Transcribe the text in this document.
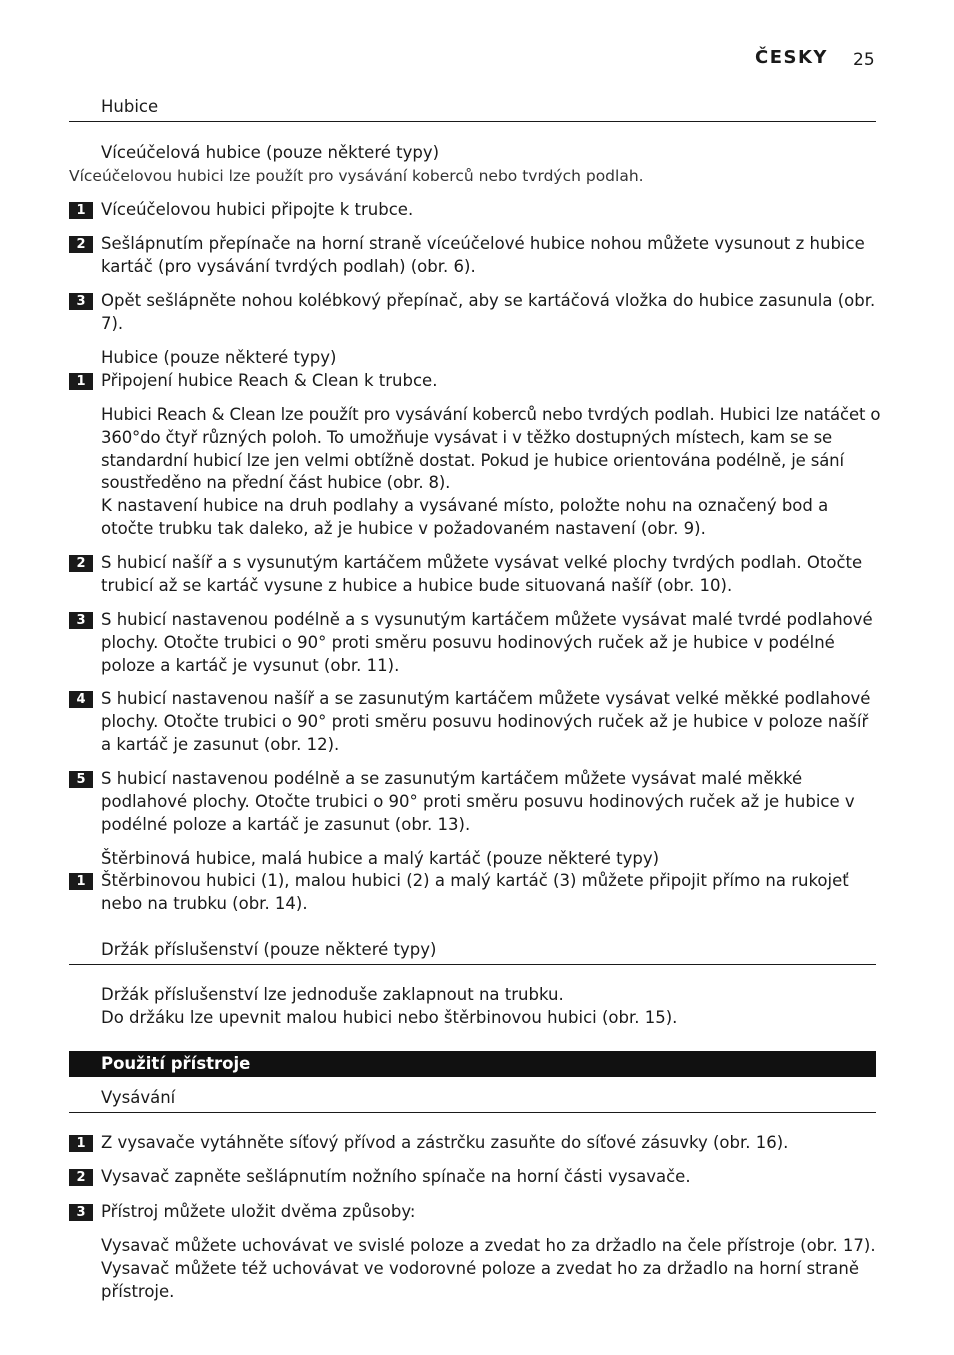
ČESKY 25
Hubice
Víceúčelová hubice (pouze některé typy)
Víceúčelovou hubici lze použít pro vysávání koberců nebo tvrdých podlah.
1 Víceúčelovou hubici připojte k trubce.
2 Sešlápnutím přepínače na horní straně víceúčelové hubice nohou můžete vysunout z hubice kartáč (pro vysávání tvrdých podlah) (obr. 6).
3 Opět sešlápněte nohou kolébkový přepínač, aby se kartáčová vložka do hubice zasunula (obr. 7).
Hubice (pouze některé typy)
1 Připojení hubice Reach & Clean k trubce.
Hubici Reach & Clean lze použít pro vysávání koberců nebo tvrdých podlah. Hubici lze natáčet o 360°do čtyř různých poloh. To umožňuje vysávat i v těžko dostupných místech, kam se se standardní hubicí lze jen velmi obtížně dostat. Pokud je hubice orientována podélně, je sání soustředěno na přední část hubice (obr. 8).
K nastavení hubice na druh podlahy a vysávané místo, položte nohu na označený bod a otočte trubku tak daleko, až je hubice v požadovaném nastavení (obr. 9).
2 S hubicí našíř a s vysunutým kartáčem můžete vysávat velké plochy tvrdých podlah. Otočte trubicí až se kartáč vysune z hubice a hubice bude situovaná našíř (obr. 10).
3 S hubicí nastavenou podélně a s vysunutým kartáčem můžete vysávat malé tvrdé podlahové plochy. Otočte trubici o 90° proti směru posuvu hodinových ruček až je hubice v podélné poloze a kartáč je vysunut (obr. 11).
4 S hubicí nastavenou našíř a se zasunutým kartáčem můžete vysávat velké měkké podlahové plochy. Otočte trubici o 90° proti směru posuvu hodinových ruček až je hubice v poloze našíř a kartáč je zasunut (obr. 12).
5 S hubicí nastavenou podélně a se zasunutým kartáčem můžete vysávat malé měkké podlahové plochy. Otočte trubici o 90° proti směru posuvu hodinových ruček až je hubice v podélné poloze a kartáč je zasunut (obr. 13).
Štěrbinová hubice, malá hubice a malý kartáč (pouze některé typy)
1 Štěrbinovou hubici (1), malou hubici (2) a malý kartáč (3) můžete připojit přímo na rukojeť nebo na trubku (obr. 14).
Držák příslušenství (pouze některé typy)
Držák příslušenství lze jednoduše zaklapnout na trubku.
Do držáku lze upevnit malou hubici nebo štěrbinovou hubici (obr. 15).
Použití přístroje
Vysávání
1 Z vysavače vytáhněte síťový přívod a zástrčku zasuňte do síťové zásuvky (obr. 16).
2 Vysavač zapněte sešlápnutím nožního spínače na horní části vysavače.
3 Přístroj můžete uložit dvěma způsoby:
Vysavač můžete uchovávat ve svislé poloze a zvedat ho za držadlo na čele přístroje (obr. 17).
Vysavač můžete též uchovávat ve vodorovné poloze a zvedat ho za držadlo na horní straně přístroje.
